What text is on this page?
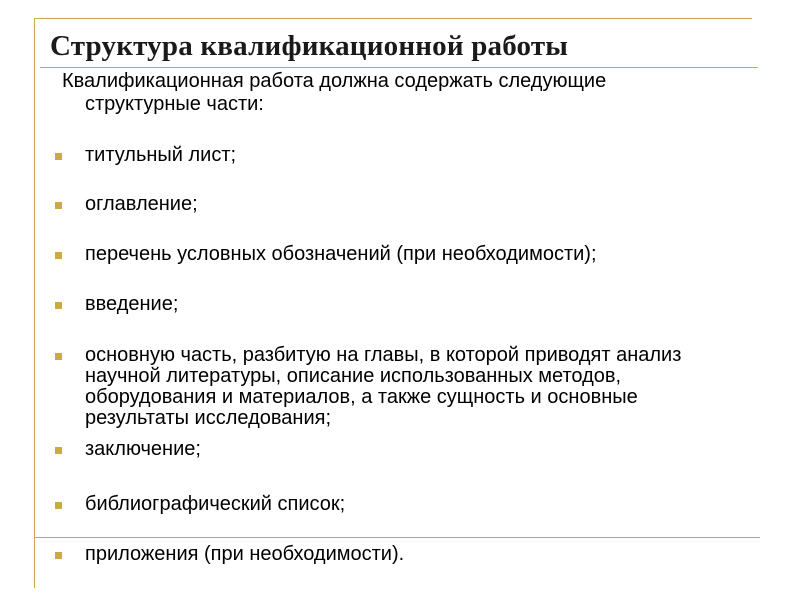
Структура квалификационной работы
Квалификационная работа должна содержать следующие
структурные части:
титульный лист;
оглавление;
перечень условных обозначений (при необходимости);
введение;
основную часть, разбитую на главы, в которой приводят анализ научной литературы, описание использованных методов, оборудования и материалов, а также сущность и основные результаты исследования;
заключение;
библиографический список;
приложения (при необходимости).
